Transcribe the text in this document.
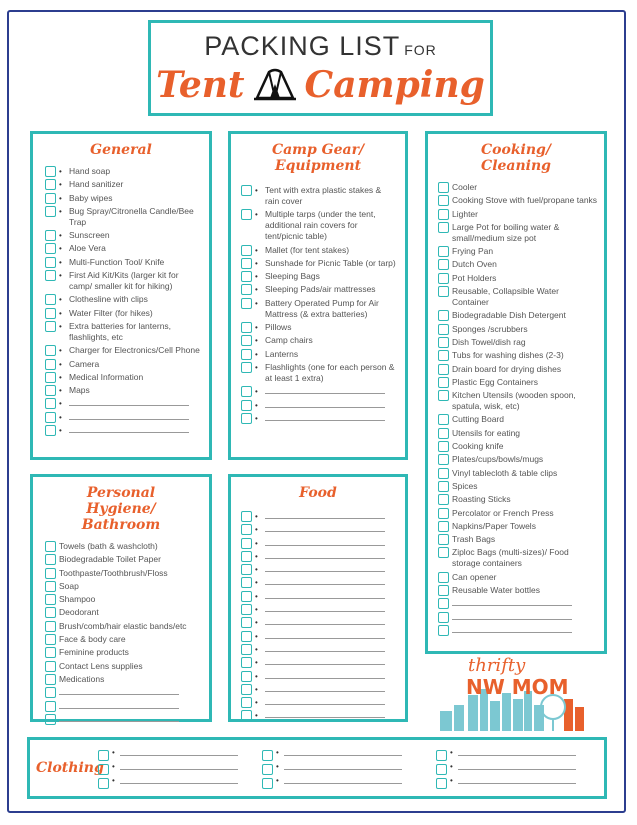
PACKING LIST FOR
Tent Camping
General
• Hand soap
• Hand sanitizer
• Baby wipes
• Bug Spray/Citronella Candle/Bee Trap
• Sunscreen
• Aloe Vera
• Multi-Function Tool/ Knife
• First Aid Kit/Kits (larger kit for camp/ smaller kit for hiking)
• Clothesline with clips
• Water Filter (for hikes)
• Extra batteries for lanterns, flashlights, etc
• Charger for Electronics/Cell Phone
• Camera
• Medical Information
• Maps
•
•
•
Camp Gear/ Equipment
• Tent with extra plastic stakes & rain cover
• Multiple tarps (under the tent, additional rain covers for tent/picnic table)
• Mallet (for tent stakes)
• Sunshade for Picnic Table (or tarp)
• Sleeping Bags
• Sleeping Pads/air mattresses
• Battery Operated Pump for Air Mattress (& extra batteries)
• Pillows
• Camp chairs
• Lanterns
• Flashlights (one for each person & at least 1 extra)
•
•
•
Cooking/ Cleaning
Cooler
Cooking Stove with fuel/propane tanks
Lighter
Large Pot for boiling water & small/medium size pot
Frying Pan
Dutch Oven
Pot Holders
Reusable, Collapsible Water Container
Biodegradable Dish Detergent
Sponges /scrubbers
Dish Towel/dish rag
Tubs for washing dishes (2-3)
Drain board for drying dishes
Plastic Egg Containers
Kitchen Utensils (wooden spoon, spatula, wisk, etc)
Cutting Board
Utensils for eating
Cooking knife
Plates/cups/bowls/mugs
Vinyl tablecloth & table clips
Spices
Roasting Sticks
Percolator or French Press
Napkins/Paper Towels
Trash Bags
Ziploc Bags (multi-sizes)/ Food storage containers
Can opener
Reusable Water bottles
Personal Hygiene/ Bathroom
Towels (bath & washcloth)
Biodegradable Toilet Paper
Toothpaste/Toothbrush/Floss
Soap
Shampoo
Deodorant
Brush/comb/hair elastic bands/etc
Face & body care
Feminine products
Contact Lens supplies
Medications
Food
•
•
•
•
•
•
•
•
•
•
•
•
•
•
•
•
thrifty
NW MOM
Clothing
•
•
•
•
•
•
•
•
•
